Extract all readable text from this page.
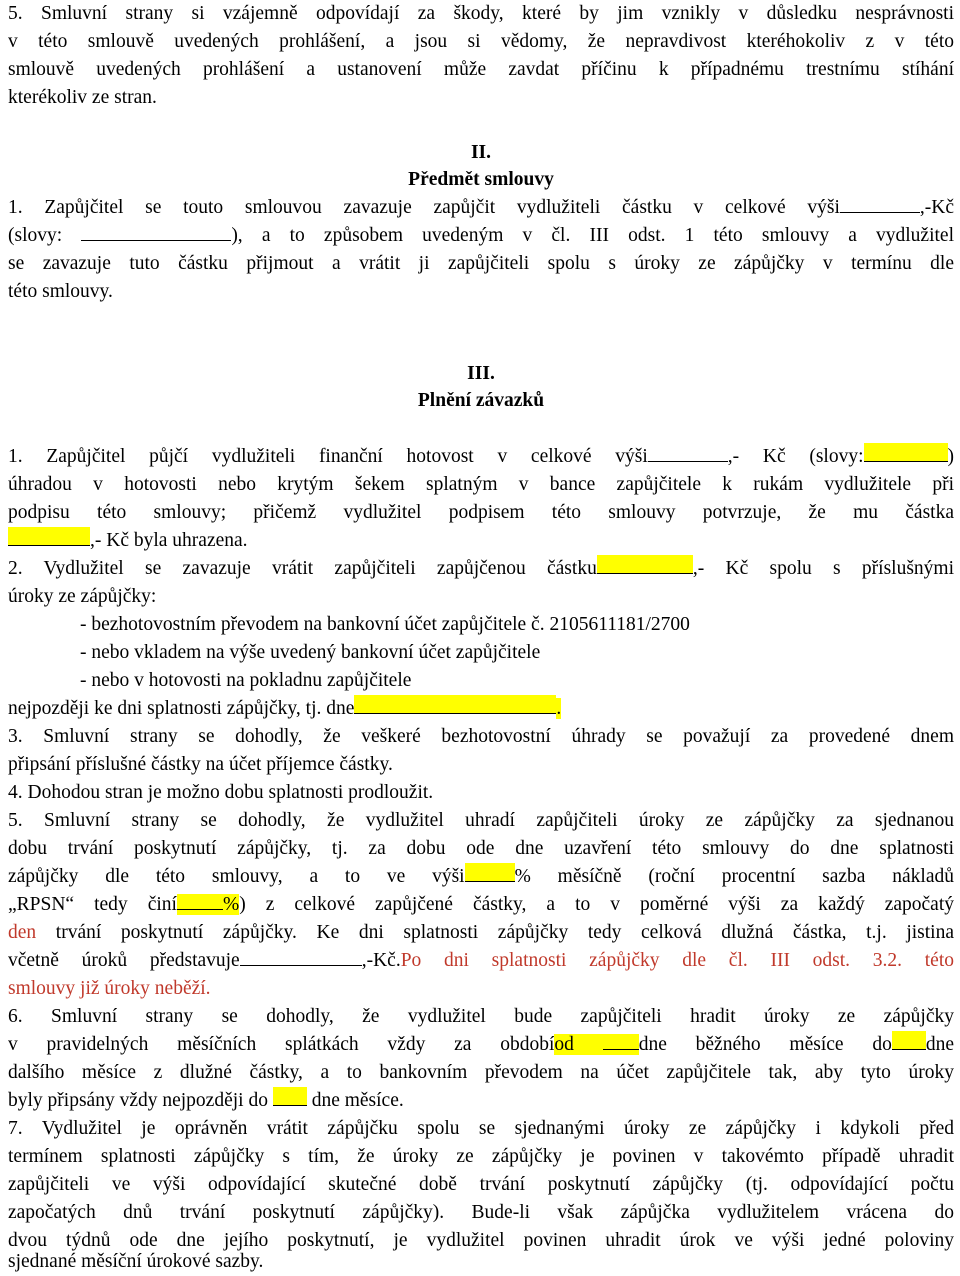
5. Smluvní strany si vzájemně odpovídají za škody, které by jim vznikly v důsledku nesprávnosti
v této smlouvě uvedených prohlášení, a jsou si vědomy, že nepravdivost kteréhokoliv z v této
smlouvě uvedených prohlášení a ustanovení může zavdat příčinu k případnému trestnímu stíhání
kterékoliv ze stran.
II.
Předmět smlouvy
1. Zapůjčitel se touto smlouvou zavazuje zapůjčit vydlužiteli částku v celkové výši	,-Kč
(slovy:	), a to způsobem uvedeným v čl. III odst. 1 této smlouvy a vydlužitel
se zavazuje tuto částku přijmout a vrátit ji zapůjčiteli spolu s úroky ze zápůjčky v termínu dle
této smlouvy.
III.
Plnění závazků
1. Zapůjčitel půjčí vydlužiteli finanční hotovost v celkové výši	,- Kč (slovy:	)
úhradou v hotovosti nebo krytým šekem splatným v bance zapůjčitele k rukám vydlužitele při
podpisu této smlouvy; přičemž vydlužitel podpisem této smlouvy potvrzuje, že mu částka
,- Kč byla uhrazena.
2. Vydlužitel se zavazuje vrátit zapůjčiteli zapůjčenou částku	,- Kč spolu s příslušnými
úroky ze zápůjčky:
- bezhotovostním převodem na bankovní účet zapůjčitele č. 2105611181/2700
- nebo vkladem na výše uvedený bankovní účet zapůjčitele
- nebo v hotovosti na pokladnu zapůjčitele
nejpozději ke dni splatnosti zápůjčky, tj. dne	.
3. Smluvní strany se dohodly, že veškeré bezhotovostní úhrady se považují za provedené dnem
připsání příslušné částky na účet příjemce částky.
4. Dohodou stran je možno dobu splatnosti prodloužit.
5. Smluvní strany se dohodly, že vydlužitel uhradí zapůjčiteli úroky ze zápůjčky za sjednanou
dobu trvání poskytnutí zápůjčky, tj. za dobu ode dne uzavření této smlouvy do dne splatnosti
zápůjčky dle této smlouvy, a to ve výši	% měsíčně (roční procentní sazba nákladů
„RPSN“ tedy činí %) z celkové zapůjčené částky, a to v poměrné výši za každý započatý
den trvání poskytnutí zápůjčky. Ke dni splatnosti zápůjčky tedy celková dlužná částka, t.j. jistina
včetně úroků představuje	,-Kč.Po dni splatnosti zápůjčky dle čl. III odst. 3.2. této
smlouvy již úroky neběží.
6. Smluvní strany se dohodly, že vydlužitel bude zapůjčiteli hradit úroky ze zápůjčky
v pravidelných měsíčních splátkách vždy za obdobíod	dne běžného měsíce do dne
dalšího měsíce z dlužné částky, a to bankovním převodem na účet zapůjčitele tak, aby tyto úroky
byly připsány vždy nejpozději do dne měsíce.
7. Vydlužitel je oprávněn vrátit zápůjčku spolu se sjednanými úroky ze zápůjčky i kdykoli před
termínem splatnosti zápůjčky s tím, že úroky ze zápůjčky je povinen v takovémto případě uhradit
zapůjčiteli ve výši odpovídající skutečné době trvání poskytnutí zápůjčky (tj. odpovídající počtu
započatých dnů trvání poskytnutí zápůjčky). Bude-li však zápůjčka vydlužitelem vrácena do
dvou týdnů ode dne jejího poskytnutí, je vydlužitel povinen uhradit úrok ve výši jedné poloviny
sjednané měsíční úrokové sazby.
